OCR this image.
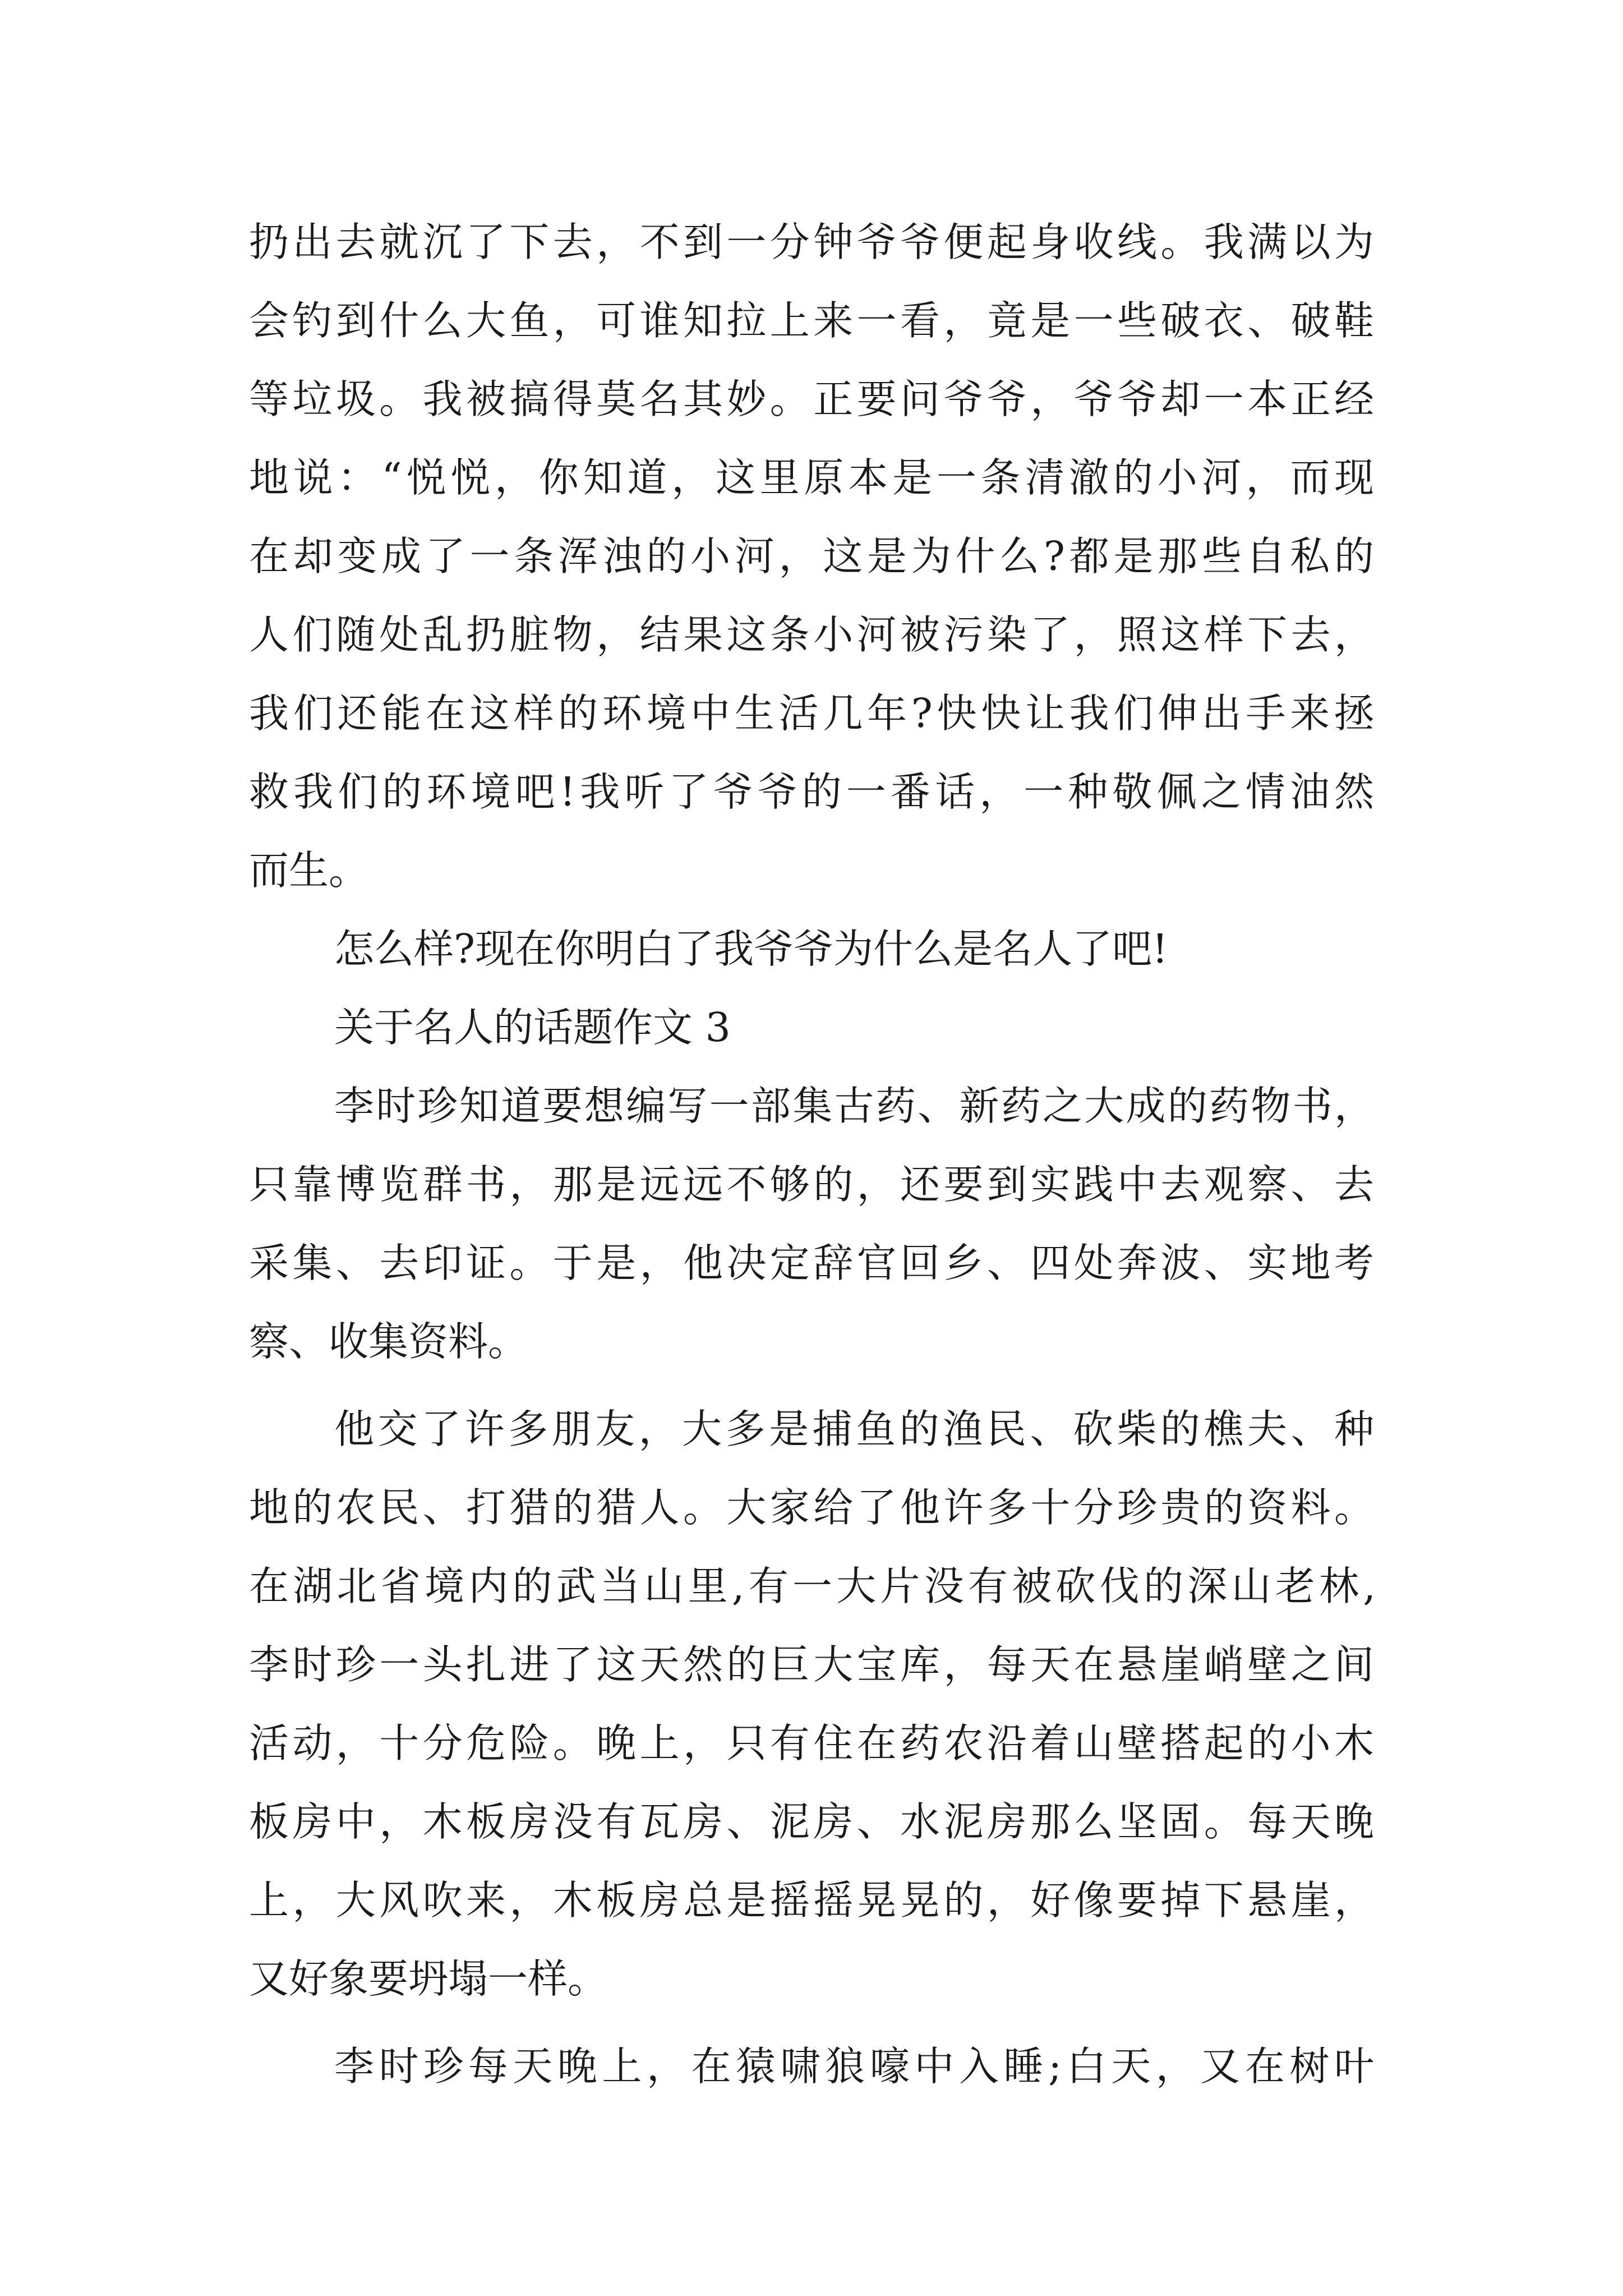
扔出去就沉了下去，不到一分钟爷爷便起身收线。我满以为
会钓到什么大鱼，可谁知拉上来一看，竟是一些破衣、破鞋
等垃圾。我被搞得莫名其妙。正要问爷爷，爷爷却一本正经
地说：“悦悦，你知道，这里原本是一条清澈的小河，而现
在却变成了一条浑浊的小河，这是为什么?都是那些自私的
人们随处乱扔脏物，结果这条小河被污染了，照这样下去，
我们还能在这样的环境中生活几年?快快让我们伸出手来拯
救我们的环境吧!我听了爷爷的一番话，一种敬佩之情油然
而生。
怎么样?现在你明白了我爷爷为什么是名人了吧!
关于名人的话题作文 3
李时珍知道要想编写一部集古药、新药之大成的药物书，
只靠博览群书，那是远远不够的，还要到实践中去观察、去
采集、去印证。于是，他决定辞官回乡、四处奔波、实地考
察、收集资料。
他交了许多朋友，大多是捕鱼的渔民、砍柴的樵夫、种
地的农民、打猎的猎人。大家给了他许多十分珍贵的资料。
在湖北省境内的武当山里,有一大片没有被砍伐的深山老林,
李时珍一头扎进了这天然的巨大宝库，每天在悬崖峭壁之间
活动，十分危险。晚上，只有住在药农沿着山壁搭起的小木
板房中，木板房没有瓦房、泥房、水泥房那么坚固。每天晚
上，大风吹来，木板房总是摇摇晃晃的，好像要掉下悬崖，
又好象要坍塌一样。
李时珍每天晚上，在猿啸狼嚎中入睡;白天，又在树叶
